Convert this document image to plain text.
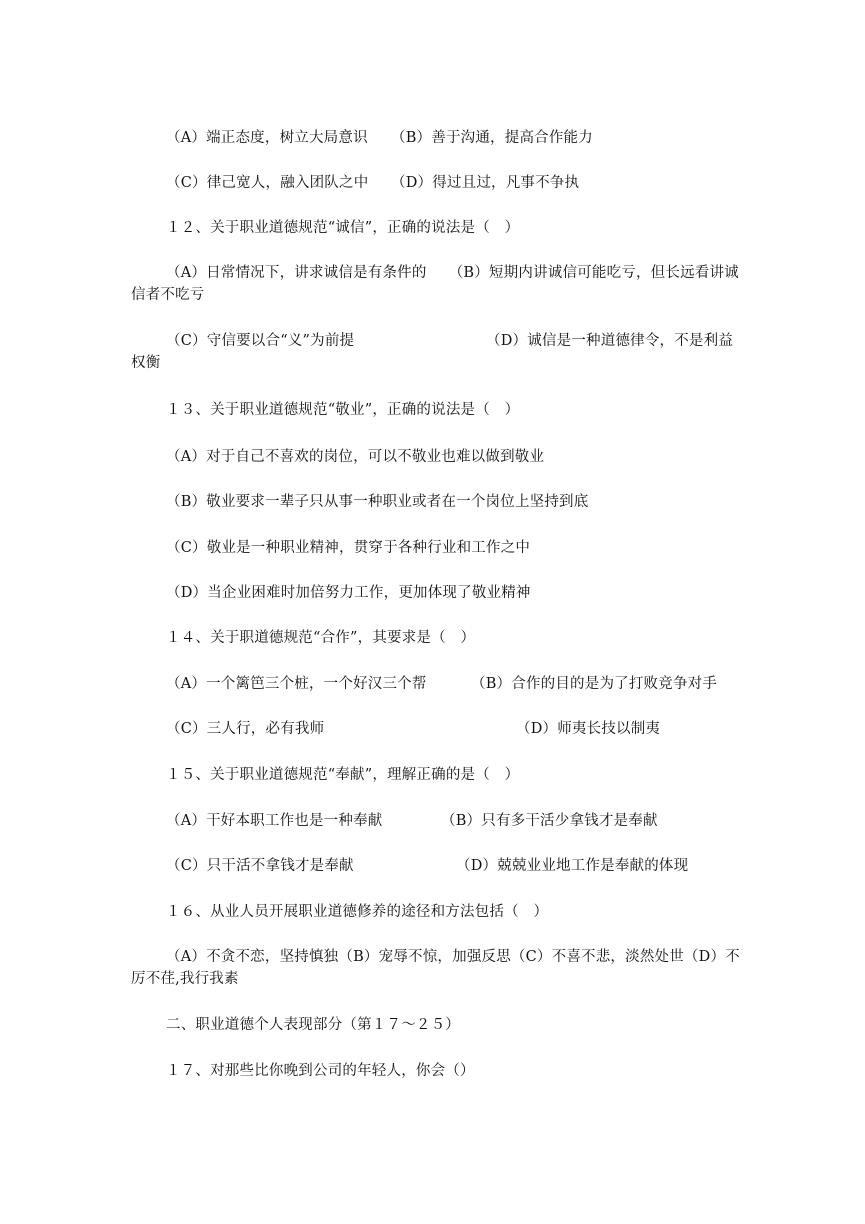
（A）端正态度，树立大局意识	（B）善于沟通，提高合作能力
（C）律己宽人，融入团队之中	（D）得过且过，凡事不争执
１２、关于职业道德规范“诚信”，正确的说法是（　）
（A）日常情况下，讲求诚信是有条件的　　（B）短期内讲诚信可能吃亏，但长远看讲诚信者不吃亏
（C）守信要以合“义”为前提	（D）诚信是一种道德律令，不是利益权衡
１３、关于职业道德规范“敬业”，正确的说法是（　）
（A）对于自己不喜欢的岗位，可以不敬业也难以做到敬业
（B）敬业要求一辈子只从事一种职业或者在一个岗位上坚持到底
（C）敬业是一种职业精神，贯穿于各种行业和工作之中
（D）当企业困难时加倍努力工作，更加体现了敬业精神
１４、关于职道德规范“合作”，其要求是（　）
（A）一个篱笆三个桩，一个好汉三个帮	（B）合作的目的是为了打败竞争对手
（C）三人行，必有我师	（D）师夷长技以制夷
１５、关于职业道德规范“奉献”，理解正确的是（　）
（A）干好本职工作也是一种奉献	（B）只有多干活少拿钱才是奉献
（C）只干活不拿钱才是奉献	（D）兢兢业业地工作是奉献的体现
１６、从业人员开展职业道德修养的途径和方法包括（　）
（A）不贪不恋，坚持慎独（B）宠辱不惊，加强反思（C）不喜不悲，淡然处世（D）不厉不荏,我行我素
二、职业道德个人表现部分（第１７～２５）
１７、对那些比你晚到公司的年轻人，你会（）
